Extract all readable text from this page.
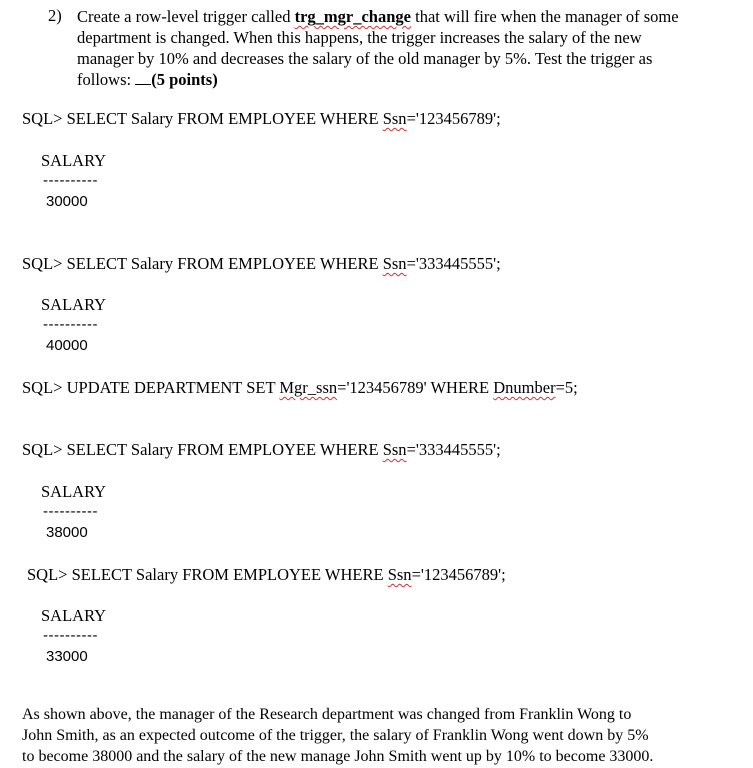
2) Create a row-level trigger called trg_mgr_change that will fire when the manager of some
department is changed. When this happens, the trigger increases the salary of the new
manager by 10% and decreases the salary of the old manager by 5%. Test the trigger as
follows: (5 points)
SQL> SELECT Salary FROM EMPLOYEE WHERE Ssn='123456789';
SALARY
----------
30000
SQL> SELECT Salary FROM EMPLOYEE WHERE Ssn='333445555';
SALARY
----------
40000
SQL> UPDATE DEPARTMENT SET Mgr_ssn='123456789' WHERE Dnumber=5;
SQL> SELECT Salary FROM EMPLOYEE WHERE Ssn='333445555';
SALARY
----------
38000
SQL> SELECT Salary FROM EMPLOYEE WHERE Ssn='123456789';
SALARY
----------
33000
As shown above, the manager of the Research department was changed from Franklin Wong to
John Smith, as an expected outcome of the trigger, the salary of Franklin Wong went down by 5%
to become 38000 and the salary of the new manage John Smith went up by 10% to become 33000.
